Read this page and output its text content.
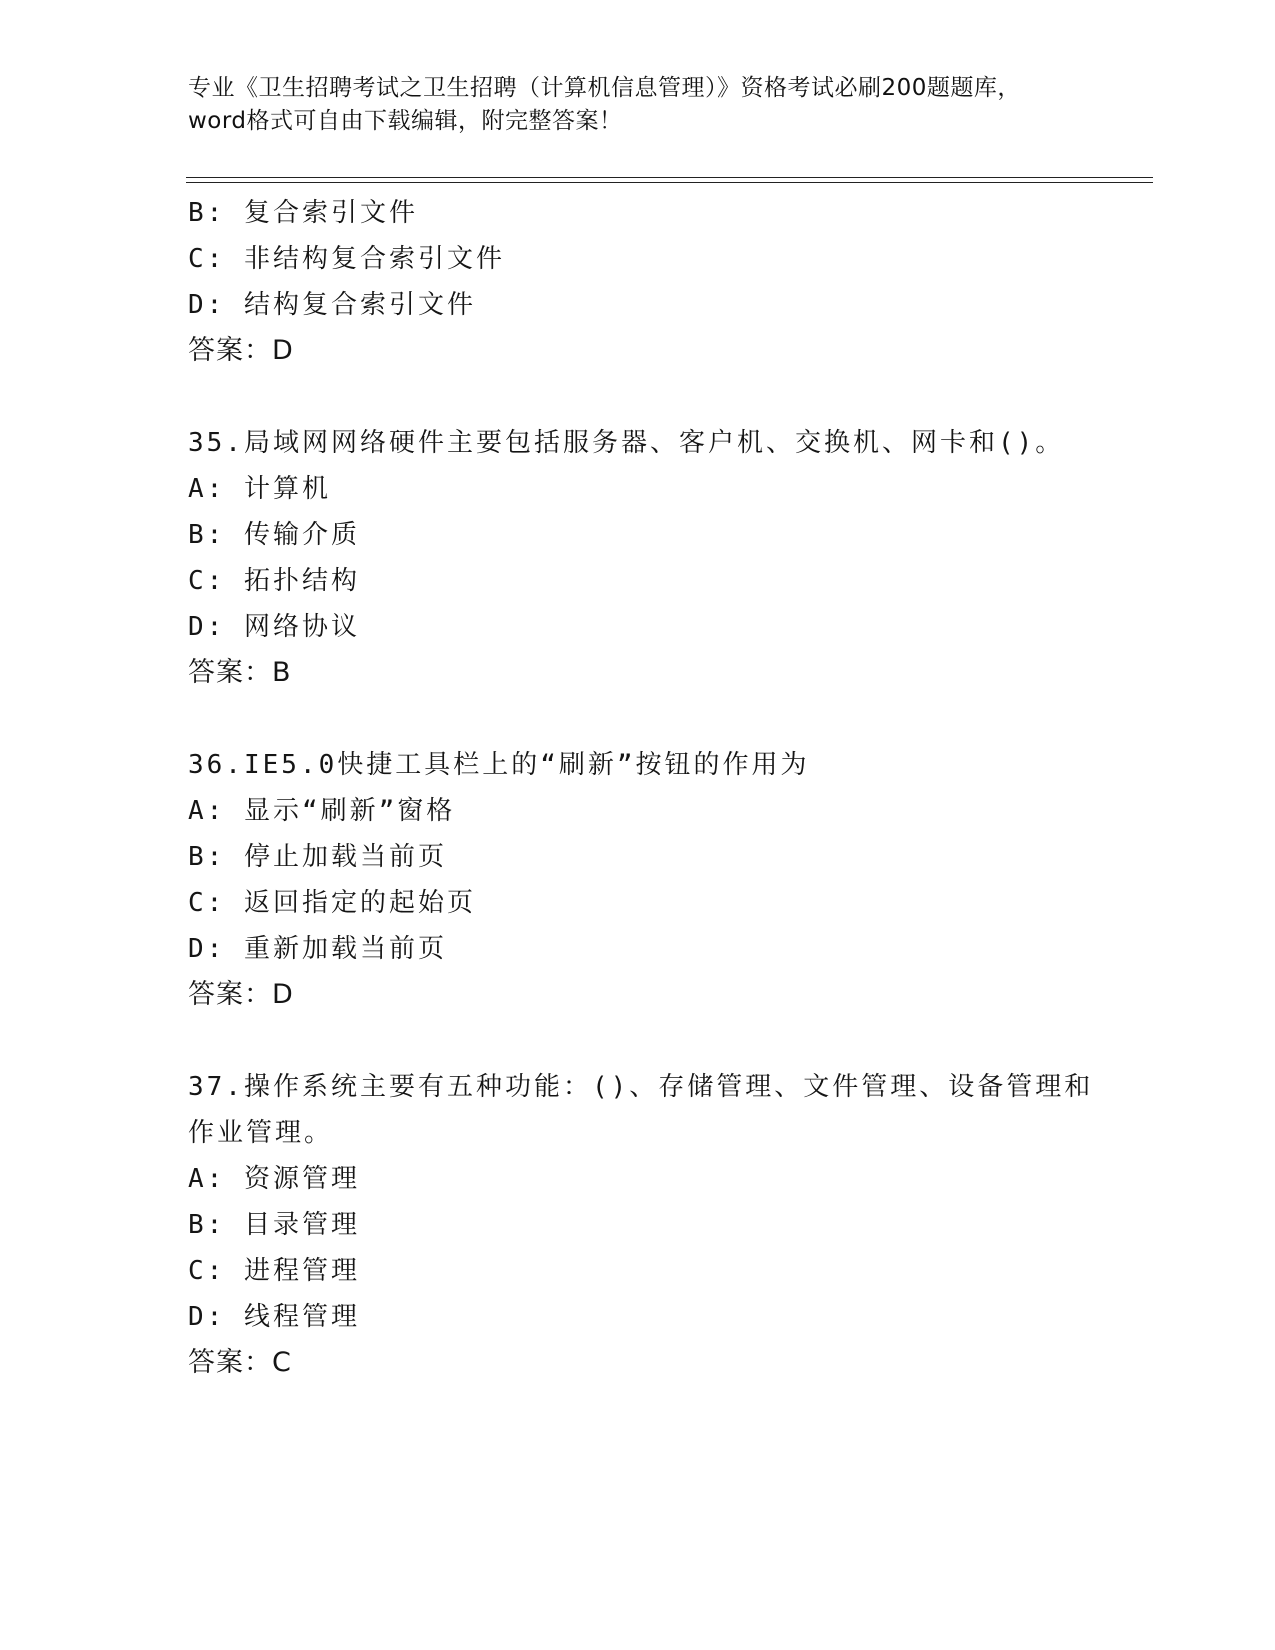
专业《卫生招聘考试之卫生招聘（计算机信息管理）》资格考试必刷200题题库，
word格式可自由下载编辑，附完整答案！
B: 复合索引文件
C: 非结构复合索引文件
D: 结构复合索引文件
答案：D
35.局域网网络硬件主要包括服务器、客户机、交换机、网卡和()。
A: 计算机
B: 传输介质
C: 拓扑结构
D: 网络协议
答案：B
36.IE5.0快捷工具栏上的“刷新”按钮的作用为
A: 显示“刷新”窗格
B: 停止加载当前页
C: 返回指定的起始页
D: 重新加载当前页
答案：D
37.操作系统主要有五种功能：()、存储管理、文件管理、设备管理和
作业管理。
A: 资源管理
B: 目录管理
C: 进程管理
D: 线程管理
答案：C
